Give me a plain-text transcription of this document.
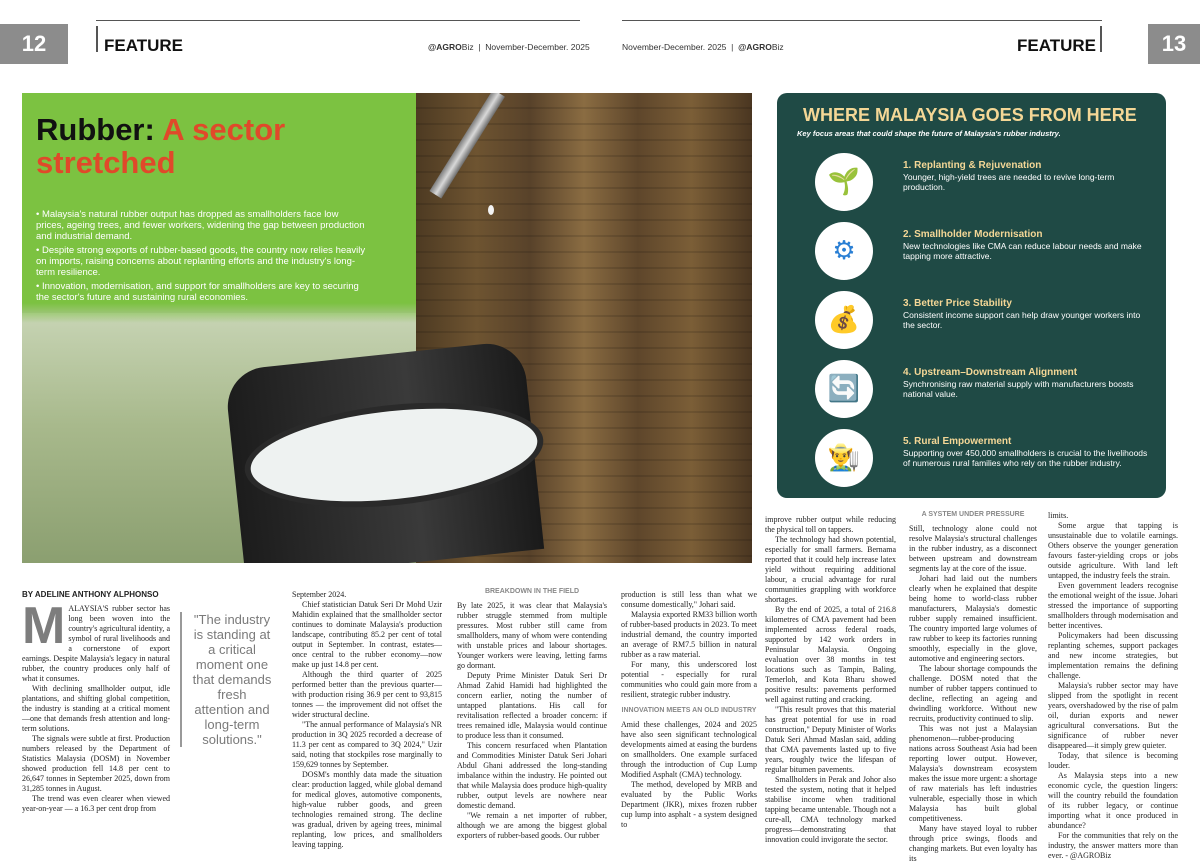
12	FEATURE	@AGROBiz  |  November-December. 2025	13
FEATURE
November-December. 2025  |  @AGROBiz
Rubber: A sector stretched
• Malaysia's natural rubber output has dropped as smallholders face low prices, ageing trees, and fewer workers, widening the gap between production and industrial demand.
• Despite strong exports of rubber-based goods, the country now relies heavily on imports, raising concerns about replanting efforts and the industry's long-term resilience.
• Innovation, modernisation, and support for smallholders are key to securing the sector's future and sustaining rural economies.
BY ADELINE ANTHONY ALPHONSO
M ALAYSIA'S rubber sector has long been woven into the country's agricultural identity, a symbol of rural livelihoods and a cornerstone of export earnings. Despite Malaysia's legacy in natural rubber, the country produces only half of what it consumes.

With declining smallholder output, idle plantations, and shifting global competition, the industry is standing at a critical moment—one that demands fresh attention and long-term solutions.

The signals were subtle at first. Production numbers released by the Department of Statistics Malaysia (DOSM) in November showed production fell 14.8 per cent to 26,647 tonnes in September 2025, down from 31,285 tonnes in August.

The trend was even clearer when viewed year-on-year — a 16.3 per cent drop from

"The industry is standing at a critical moment one that demands fresh attention and long-term solutions."

September 2024.

Chief statistician Datuk Seri Dr Mohd Uzir Mahidin explained that the smallholder sector continues to dominate Malaysia's production landscape, contributing 85.2 per cent of total output in September. In contrast, estates—once central to the rubber economy—now make up just 14.8 per cent.

Although the third quarter of 2025 performed better than the previous quarter—with production rising 36.9 per cent to 93,815 tonnes — the improvement did not offset the wider structural decline.

"The annual performance of Malaysia's NR production in 3Q 2025 recorded a decrease of 11.3 per cent as compared to 3Q 2024," Uzir said, noting that stockpiles rose marginally to 159,629 tonnes by September.

DOSM's monthly data made the situation clear: production lagged, while global demand for medical gloves, automotive components, high-value rubber goods, and green technologies remained strong. The decline was gradual, driven by ageing trees, minimal replanting, low prices, and smallholders leaving tapping.

BREAKDOWN IN THE FIELD

By late 2025, it was clear that Malaysia's rubber struggle stemmed from multiple pressures. Most rubber still came from smallholders, many of whom were contending with unstable prices and labour shortages. Younger workers were leaving, letting farms go dormant.

Deputy Prime Minister Datuk Seri Dr Ahmad Zahid Hamidi had highlighted the concern earlier, noting the number of untapped plantations. His call for revitalisation reflected a broader concern: if trees remained idle, Malaysia would continue to produce less than it consumed.

This concern resurfaced when Plantation and Commodities Minister Datuk Seri Johari Abdul Ghani addressed the long-standing imbalance within the industry. He pointed out that while Malaysia does produce high-quality rubber, output levels are nowhere near domestic demand.

"We remain a net importer of rubber, although we are among the biggest global exporters of rubber-based goods. Our rubber

production is still less than what we consume domestically," Johari said.

Malaysia exported RM33 billion worth of rubber-based products in 2023. To meet industrial demand, the country imported an average of RM7.5 billion in natural rubber as a raw material.

For many, this underscored lost potential - especially for rural communities who could gain more from a resilient, strategic rubber industry.

INNOVATION MEETS AN OLD INDUSTRY

Amid these challenges, 2024 and 2025 have also seen significant technological developments aimed at easing the burdens on smallholders. One example surfaced through the introduction of Cup Lump Modified Asphalt (CMA) technology.

The method, developed by MRB and evaluated by the Public Works Department (JKR), mixes frozen rubber cup lump into asphalt - a system designed to

improve rubber output while reducing the physical toll on tappers.

The technology had shown potential, especially for small farmers. Bernama reported that it could help increase latex yield without requiring additional labour, a crucial advantage for rural communities grappling with workforce shortages.

By the end of 2025, a total of 216.8 kilometres of CMA pavement had been implemented across federal roads, supported by 142 work orders in Peninsular Malaysia. Ongoing evaluation over 38 months in test locations such as Tampin, Baling, Temerloh, and Kota Bharu showed positive results: pavements performed well against rutting and cracking.

"This result proves that this material has great potential for use in road construction," Deputy Minister of Works Datuk Seri Ahmad Maslan said, adding that CMA pavements lasted up to five years, roughly twice the lifespan of regular bitumen pavements.

Smallholders in Perak and Johor also tested the system, noting that it helped stabilise income when traditional tapping became untenable. Though not a cure-all, CMA technology marked progress—demonstrating that innovation could invigorate the sector.

A SYSTEM UNDER PRESSURE

Still, technology alone could not resolve Malaysia's structural challenges in the rubber industry, as a disconnect between upstream and downstream segments lay at the core of the issue.

Johari had laid out the numbers clearly when he explained that despite being home to world-class rubber manufacturers, Malaysia's domestic rubber supply remained insufficient. The country imported large volumes of raw rubber to keep its factories running smoothly, especially in the glove, automotive and engineering sectors.

The labour shortage compounds the challenge. DOSM noted that the number of rubber tappers continued to decline, reflecting an ageing and dwindling workforce. Without new recruits, productivity continued to slip.

This was not just a Malaysian phenomenon—rubber-producing nations across Southeast Asia had been reporting lower output. However, Malaysia's downstream ecosystem makes the issue more urgent: a shortage of raw materials has left industries vulnerable, especially those in which Malaysia has built global competitiveness.

Many have stayed loyal to rubber through price swings, floods and changing markets. But even loyalty has its

limits.

Some argue that tapping is unsustainable due to volatile earnings. Others observe the younger generation favours faster-yielding crops or jobs outside agriculture. With land left untapped, the industry feels the strain.

Even government leaders recognise the emotional weight of the issue. Johari stressed the importance of supporting smallholders through modernisation and better incentives.

Policymakers had been discussing replanting schemes, support packages and new income strategies, but implementation remains the defining challenge.

Malaysia's rubber sector may have slipped from the spotlight in recent years, overshadowed by the rise of palm oil, durian exports and newer agricultural conversations. But the significance of rubber never disappeared—it simply grew quieter.

Today, that silence is becoming louder.

As Malaysia steps into a new economic cycle, the question lingers: will the country rebuild the foundation of its rubber legacy, or continue importing what it once produced in abundance?

For the communities that rely on the industry, the answer matters more than ever. - @AGROBiz

WHERE MALAYSIA GOES FROM HERE
Key focus areas that could shape the future of Malaysia's rubber industry.
🌱
1. Replanting & Rejuvenation
Younger, high-yield trees are needed to revive long-term production.
⚙
2. Smallholder Modernisation
New technologies like CMA can reduce labour needs and make tapping more attractive.
💰
3. Better Price Stability
Consistent income support can help draw younger workers into the sector.
🔄
4. Upstream–Downstream Alignment
Synchronising raw material supply with manufacturers boosts national value.
👨‍🌾
5. Rural Empowerment
Supporting over 450,000 smallholders is crucial to the livelihoods of numerous rural families who rely on the rubber industry.
